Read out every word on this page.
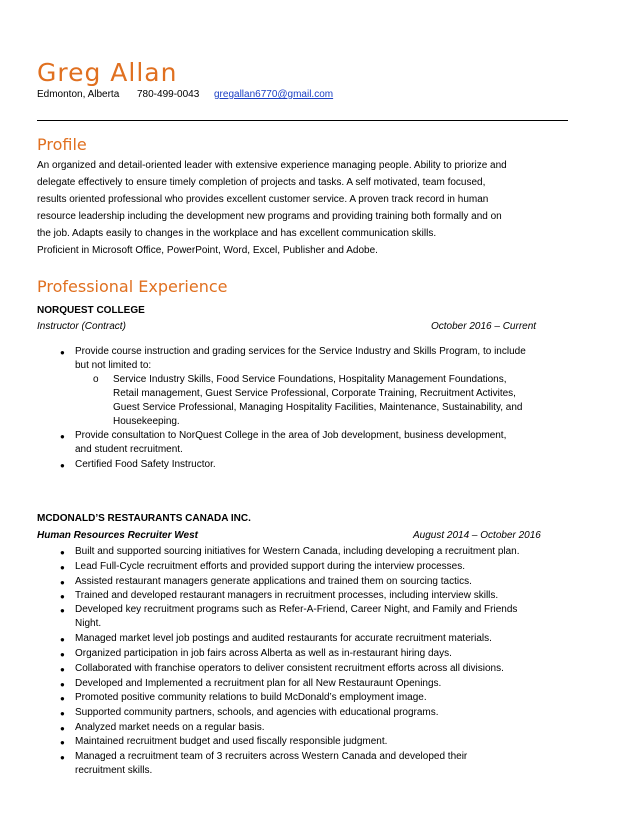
Greg Allan
Edmonton, Alberta 780-499-0043 gregallan6770@gmail.com
Profile
An organized and detail-oriented leader with extensive experience managing people. Ability to priorize and
delegate effectively to ensure timely completion of projects and tasks. A self motivated, team focused,
results oriented professional who provides excellent customer service. A proven track record in human
resource leadership including the development new programs and providing training both formally and on
the job. Adapts easily to changes in the workplace and has excellent communication skills.
Proficient in Microsoft Office, PowerPoint, Word, Excel, Publisher and Adobe.
Professional Experience
NORQUEST COLLEGE
Instructor (Contract)	October 2016 – Current
● Provide course instruction and grading services for the Service Industry and Skills Program, to include
but not limited to:
o Service Industry Skills, Food Service Foundations, Hospitality Management Foundations,
Retail management, Guest Service Professional, Corporate Training, Recruitment Activites,
Guest Service Professional, Managing Hospitality Facilities, Maintenance, Sustainability, and
Housekeeping.
● Provide consultation to NorQuest College in the area of Job development, business development,
and student recruitment.
● Certified Food Safety Instructor.
MCDONALD’S RESTAURANTS CANADA INC.
Human Resources Recruiter West	August 2014 – October 2016
● Built and supported sourcing initiatives for Western Canada, including developing a recruitment plan.
● Lead Full-Cycle recruitment efforts and provided support during the interview processes.
● Assisted restaurant managers generate applications and trained them on sourcing tactics.
● Trained and developed restaurant managers in recruitment processes, including interview skills.
● Developed key recruitment programs such as Refer-A-Friend, Career Night, and Family and Friends
Night.
● Managed market level job postings and audited restaurants for accurate recruitment materials.
● Organized participation in job fairs across Alberta as well as in-restaurant hiring days.
● Collaborated with franchise operators to deliver consistent recruitment efforts across all divisions.
● Developed and Implemented a recruitment plan for all New Restauraunt Openings.
● Promoted positive community relations to build McDonald’s employment image.
● Supported community partners, schools, and agencies with educational programs.
● Analyzed market needs on a regular basis.
● Maintained recruitment budget and used fiscally responsible judgment.
● Managed a recruitment team of 3 recruiters across Western Canada and developed their
recruitment skills.
